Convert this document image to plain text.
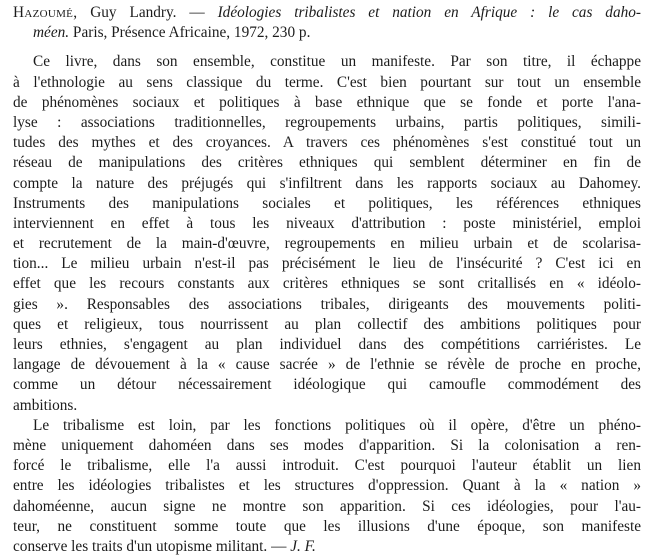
Hazoumé, Guy Landry. — Idéologies tribalistes et nation en Afrique : le cas daho-
méen. Paris, Présence Africaine, 1972, 230 p.
Ce livre, dans son ensemble, constitue un manifeste. Par son titre, il échappe
à l'ethnologie au sens classique du terme. C'est bien pourtant sur tout un ensemble
de phénomènes sociaux et politiques à base ethnique que se fonde et porte l'ana-
lyse : associations traditionnelles, regroupements urbains, partis politiques, simili-
tudes des mythes et des croyances. A travers ces phénomènes s'est constitué tout un
réseau de manipulations des critères ethniques qui semblent déterminer en fin de
compte la nature des préjugés qui s'infiltrent dans les rapports sociaux au Dahomey.
Instruments des manipulations sociales et politiques, les références ethniques
interviennent en effet à tous les niveaux d'attribution : poste ministériel, emploi
et recrutement de la main-d'œuvre, regroupements en milieu urbain et de scolarisa-
tion... Le milieu urbain n'est-il pas précisément le lieu de l'insécurité ? C'est ici en
effet que les recours constants aux critères ethniques se sont critallisés en « idéolo-
gies ». Responsables des associations tribales, dirigeants des mouvements politi-
ques et religieux, tous nourrissent au plan collectif des ambitions politiques pour
leurs ethnies, s'engagent au plan individuel dans des compétitions carriéristes. Le
langage de dévouement à la « cause sacrée » de l'ethnie se révèle de proche en proche,
comme un détour nécessairement idéologique qui camoufle commodément des
ambitions.
Le tribalisme est loin, par les fonctions politiques où il opère, d'être un phéno-
mène uniquement dahoméen dans ses modes d'apparition. Si la colonisation a ren-
forcé le tribalisme, elle l'a aussi introduit. C'est pourquoi l'auteur établit un lien
entre les idéologies tribalistes et les structures d'oppression. Quant à la « nation »
dahoméenne, aucun signe ne montre son apparition. Si ces idéologies, pour l'au-
teur, ne constituent somme toute que les illusions d'une époque, son manifeste
conserve les traits d'un utopisme militant. — J. F.
